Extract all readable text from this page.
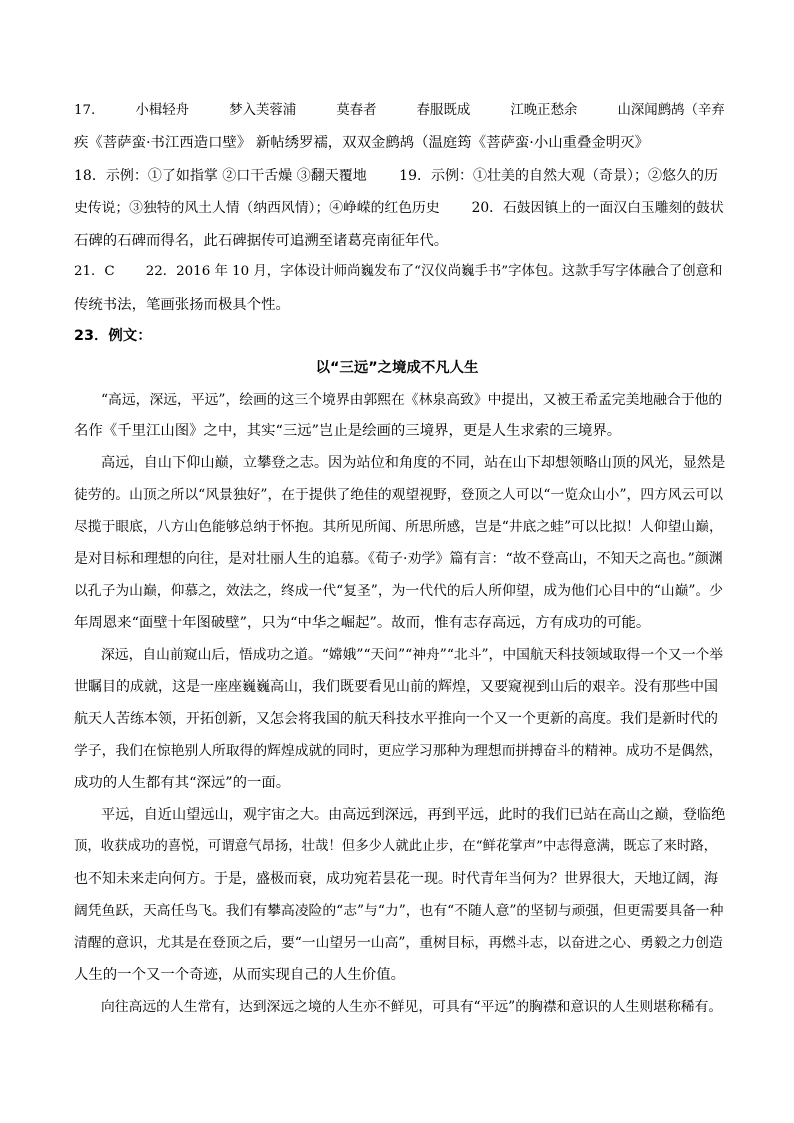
17.　　　小楫轻舟　　　梦入芙蓉浦　　　莫春者　　　春服既成　　　江晚正愁余　　　山深闻鹧鸪（辛弃
疾《菩萨蛮·书江西造口壁》 新帖绣罗襦，双双金鹧鸪（温庭筠《菩萨蛮·小山重叠金明灭》
18．示例：①了如指掌 ②口干舌燥 ③翻天覆地　　 19．示例：①壮美的自然大观（奇景）；②悠久的历
史传说；③独特的风土人情（纳西风情）；④峥嵘的红色历史　　 20．石鼓因镇上的一面汉白玉雕刻的鼓状
石碑的石碑而得名，此石碑据传可追溯至诸葛亮南征年代。
21．C　　 22．2016 年 10 月，字体设计师尚巍发布了“汉仪尚巍手书”字体包。这款手写字体融合了创意和
传统书法，笔画张扬而极具个性。
23．例文：
以“三远”之境成不凡人生
“高远，深远，平远”，绘画的这三个境界由郭熙在《林泉高致》中提出，又被王希孟完美地融合于他的
名作《千里江山图》之中，其实“三远”岂止是绘画的三境界，更是人生求索的三境界。
高远，自山下仰山巅，立攀登之志。因为站位和角度的不同，站在山下却想领略山顶的风光，显然是
徒劳的。山顶之所以“风景独好”，在于提供了绝佳的观望视野，登顶之人可以“一览众山小”，四方风云可以
尽揽于眼底，八方山色能够总纳于怀抱。其所见所闻、所思所感，岂是“井底之蛙”可以比拟！人仰望山巅，
是对目标和理想的向往，是对壮丽人生的追慕。《荀子·劝学》篇有言：“故不登高山，不知天之高也。”颜渊
以孔子为山巅，仰慕之，效法之，终成一代“复圣”，为一代代的后人所仰望，成为他们心目中的“山巅”。少
年周恩来“面壁十年图破壁”，只为“中华之崛起”。故而，惟有志存高远，方有成功的可能。
深远，自山前窥山后，悟成功之道。“嫦娥”“天问”“神舟”“北斗”，中国航天科技领域取得一个又一个举
世瞩目的成就，这是一座座巍巍高山，我们既要看见山前的辉煌，又要窥视到山后的艰辛。没有那些中国
航天人苦练本领，开拓创新，又怎会将我国的航天科技水平推向一个又一个更新的高度。我们是新时代的
学子，我们在惊艳别人所取得的辉煌成就的同时，更应学习那种为理想而拼搏奋斗的精神。成功不是偶然，
成功的人生都有其“深远”的一面。
平远，自近山望远山，观宇宙之大。由高远到深远，再到平远，此时的我们已站在高山之巅，登临绝
顶，收获成功的喜悦，可谓意气昂扬，壮哉！但多少人就此止步，在“鲜花掌声”中志得意满，既忘了来时路，
也不知未来走向何方。于是，盛极而衰，成功宛若昙花一现。时代青年当何为？世界很大，天地辽阔，海
阔凭鱼跃，天高任鸟飞。我们有攀高凌险的“志”与“力”，也有“不随人意”的坚韧与顽强，但更需要具备一种
清醒的意识，尤其是在登顶之后，要“一山望另一山高”，重树目标，再燃斗志，以奋进之心、勇毅之力创造
人生的一个又一个奇迹，从而实现自己的人生价值。
向往高远的人生常有，达到深远之境的人生亦不鲜见，可具有“平远”的胸襟和意识的人生则堪称稀有。
